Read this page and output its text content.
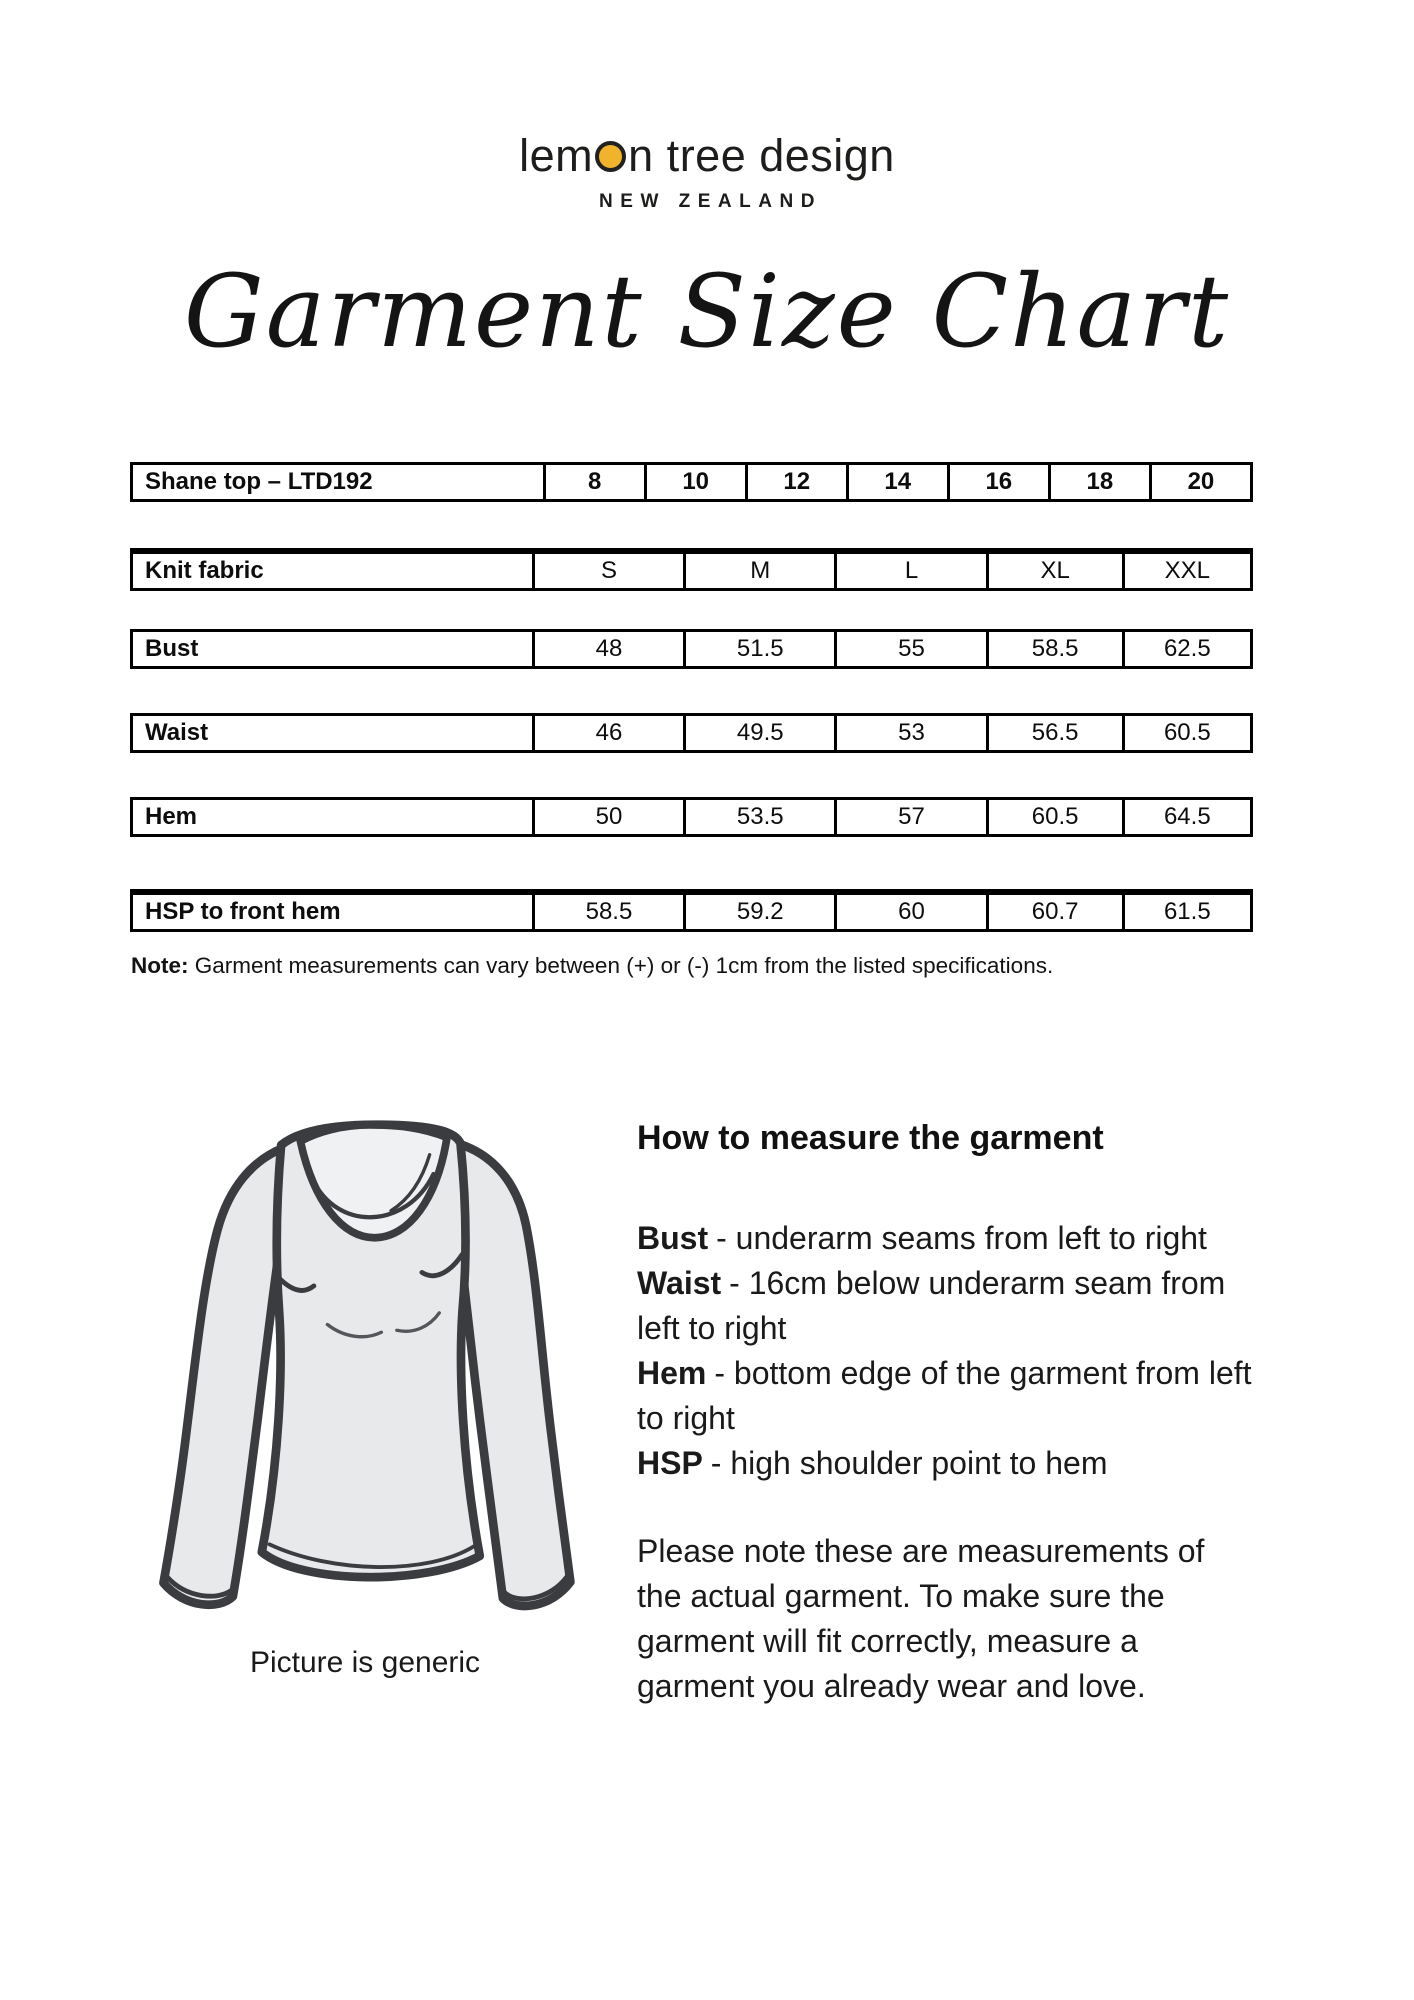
lem n tree design
NEW ZEALAND
Garment Size Chart
Shane top – LTD192	8	10	12	14	16	18	20
Knit fabric	S	M	L	XL	XXL
Bust	48	51.5	55	58.5	62.5
Waist	46	49.5	53	56.5	60.5
Hem	50	53.5	57	60.5	64.5
HSP to front hem	58.5	59.2	60	60.7	61.5

Note: Garment measurements can vary between (+) or (-) 1cm from the listed specifications.

Picture is generic
How to measure the garment
Bust - underarm seams from left to right
Waist - 16cm below underarm seam from left to right
Hem - bottom edge of the garment from left to right
HSP - high shoulder point to hem

Please note these are measurements of the actual garment. To make sure the garment will fit correctly, measure a garment you already wear and love.
